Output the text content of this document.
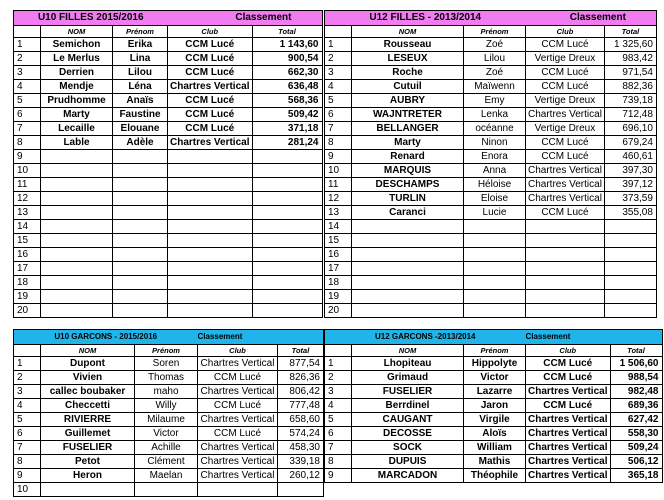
U10 FILLES 2015/2016			Classement	
	NOM	Prénom	Club	Total
1	Semichon	Erika	CCM Lucé	1 143,60
2	Le Merlus	Lina	CCM Lucé	900,54
3	Derrien	Lilou	CCM Lucé	662,30
4	Mendje	Léna	Chartres Vertical	636,48
5	Prudhomme	Anaïs	CCM Lucé	568,36
6	Marty	Faustine	CCM Lucé	509,42
7	Lecaille	Elouane	CCM Lucé	371,18
8	Lable	Adèle	Chartres Vertical	281,24
9				
10				
11				
12				
13				
14				
15				
16				
17				
18				
19				
20				
U12 FILLES - 2013/2014			Classement	
	NOM	Prénom	Club	Total
1	Rousseau	Zoé	CCM Lucé	1 325,60
2	LESEUX	Lilou	Vertige Dreux	983,42
3	Roche	Zoé	CCM Lucé	971,54
4	Cutuil	Maïwenn	CCM Lucé	882,36
5	AUBRY	Emy	Vertige Dreux	739,18
6	WAJNTRETER	Lenka	Chartres Vertical	712,48
7	BELLANGER	océanne	Vertige Dreux	696,10
8	Marty	Ninon	CCM Lucé	679,24
9	Renard	Enora	CCM Lucé	460,61
10	MARQUIS	Anna	Chartres Vertical	397,30
11	DESCHAMPS	Héloise	Chartres Vertical	397,12
12	TURLIN	Eloise	Chartres Vertical	373,59
13	Caranci	Lucie	CCM Lucé	355,08
14				
15				
16				
17				
18				
19				
20				
U10 GARCONS - 2015/2016			Classement	
	NOM	Prénom	Club	Total
1	Dupont	Soren	Chartres Vertical	877,54
2	Vivien	Thomas	CCM Lucé	826,36
3	callec boubaker	maho	Chartres Vertical	806,42
4	Checcetti	Willy	CCM Lucé	777,48
5	RIVIERRE	Milaume	Chartres Vertical	658,60
6	Guillemet	Victor	CCM Lucé	574,24
7	FUSELIER	Achille	Chartres Vertical	458,30
8	Petot	Clément	Chartres Vertical	339,18
9	Heron	Maelan	Chartres Vertical	260,12
10				
U12 GARCONS -2013/2014			Classement	
	NOM	Prénom	Club	Total
1	Lhopiteau	Hippolyte	CCM Lucé	1 506,60
2	Grimaud	Victor	CCM Lucé	988,54
3	FUSELIER	Lazarre	Chartres Vertical	982,48
4	Berrdinel	Jaron	CCM Lucé	689,36
5	CAUGANT	Virgile	Chartres Vertical	627,42
6	DECOSSE	Aloïs	Chartres Vertical	558,30
7	SOCK	William	Chartres Vertical	509,24
8	DUPUIS	Mathis	Chartres Vertical	506,12
9	MARCADON	Théophile	Chartres Vertical	365,18
